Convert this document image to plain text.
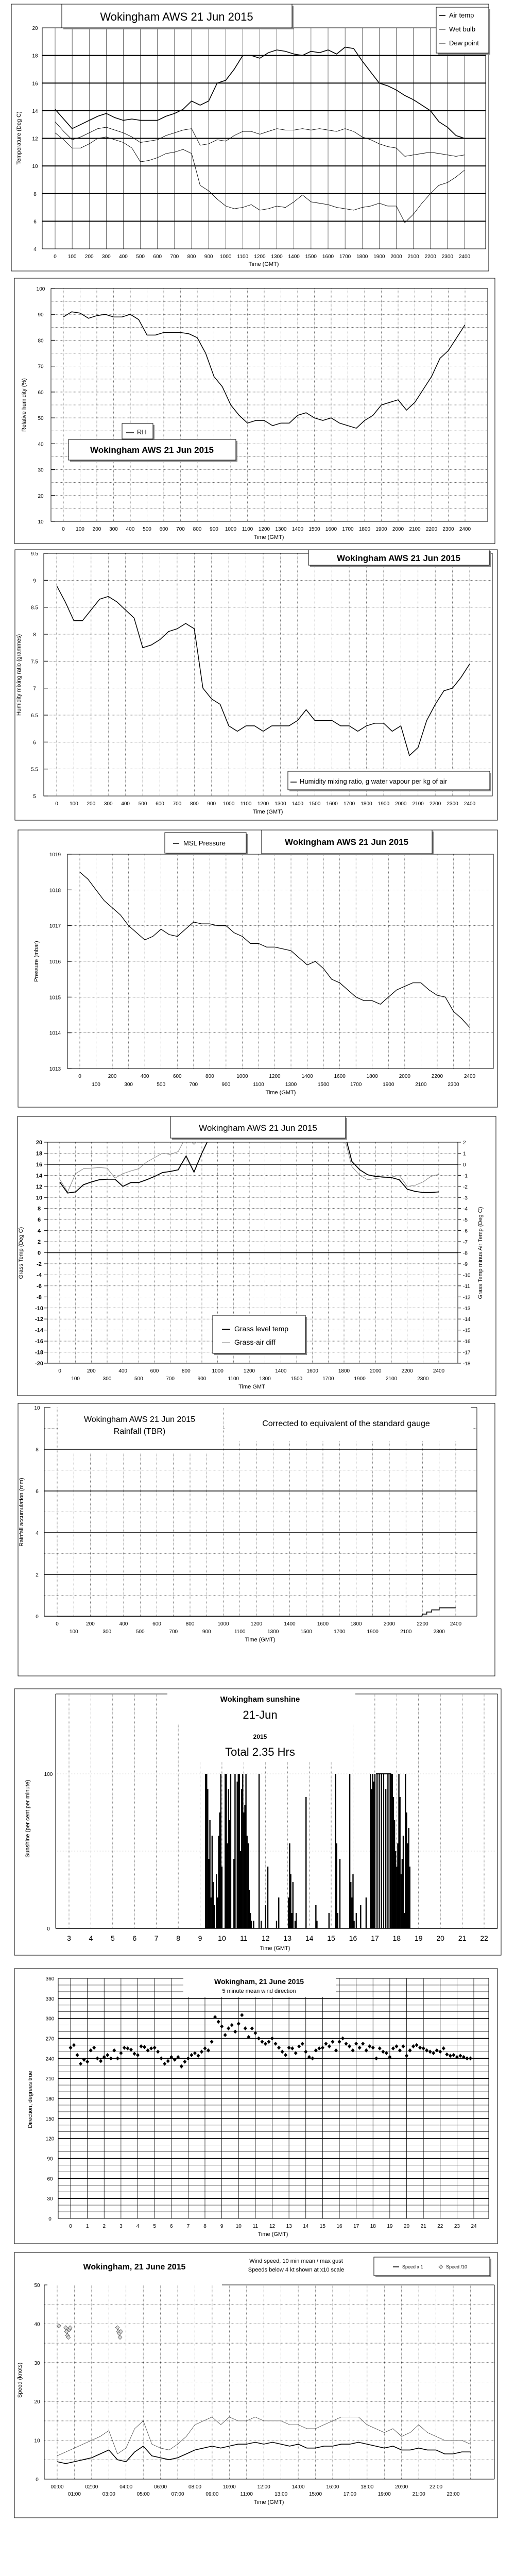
0 100 200 300 400 500 600 700 800 900 1000 1100 1200 1300 1400 1500 1600 1700 1800 1900 2000 2100 2200 2300 2400
4
6
8
10
12
14
16
18
20
Time (GMT)
Temperature (Deg C)
Wokingham AWS 21 Jun 2015	Air temp
Wet bulb
Dew point
0 100 200 300 400 500 600 700 800 900 1000 1100 1200 1300 1400 1500 1600 1700 1800 1900 2000 2100 2200 2300 2400
10
20
30
40
50
60
70
80
90
100
Time (GMT)
Relative humidity (%)
RH
Wokingham AWS 21 Jun 2015
0 100 200 300 400 500 600 700 800 900 1000 1100 1200 1300 1400 1500 1600 1700 1800 1900 2000 2100 2200 2300 2400
5
5.5
6
6.5
7
7.5
8
8.5
9
9.5
Time (GMT)
Humidity mixing ratio (grammes)
Wokingham AWS 21 Jun 2015
Humidity mixing ratio, g water vapour per kg of air
0	200	400	600	800	1000	1200	1400	1600	1800	2000	2200	2400
100	300	500	700	900	1100	1300	1500	1700	1900	2100	2300
1013
1014
1015
1016
1017
1018
1019
Time (GMT)
Pressure (mbar)
MSL Pressure	Wokingham AWS 21 Jun 2015
0	200	400	600	800	1000	1200	1400	1600	1800	2000	2200	2400
100	300	500	700	900	1100	1300	1500	1700	1900	2100	2300
-20
-18
-16
-14
-12
-10
-8
-6
-4
-2
0
2
4
6
8
10
12
14
16
18
20
-18
-17
-16
-15
-14
-13
-12
-11
-10
-9
-8
-7
-6
-5
-4
-3
-2
-1
0
1
2
Time GMT
Grass Temp (Deg C)	Grass Temp minus Air Temp (Deg C)
Wokingham AWS 21 Jun 2015
Grass level temp
Grass-air diff
0
2
4
6
8
10
0	200	400	600	800	1000	1200	1400	1600	1800	2000	2200	2400
100	300	500	700	900	1100	1300	1500	1700	1900	2100	2300
Time (GMT)
Rainfall accumulation (mm)
Wokingham AWS 21 Jun 2015
Rainfall (TBR)
Corrected to equivalent of the standard gauge
3 4 5 6 7 8 9 10 11 12 13 14 15 16 17 18 19 20 21 22
0
100
Time (GMT)
Sunshine (per cent per minute)
Wokingham sunshine
21-Jun
2015
Total 2.35 Hrs
0
30
60
90
120
150
180
210
240
270
300
330
360
0	1	2	3	4	5	6	7	8	9 10 11 12 13 14 15 16 17 18 19 20 21 22 23 24
Time (GMT)
Direction, degrees true
Wokingham, 21 June 2015
5 minute mean wind direction
0
10
20
30
40
50
00:00	02:00	04:00	06:00	08:00	10:00	12:00	14:00	16:00	18:00	20:00	22:00
01:00	03:00	05:00	07:00	09:00	11:00	13:00	15:00	17:00	19:00	21:00	23:00
Time (GMT)
Speed (knots)
Wokingham, 21 June 2015
Wind speed, 10 min mean / max gust
Speeds below 4 kt shown at x10 scale	Speed x 1	Speed /10
